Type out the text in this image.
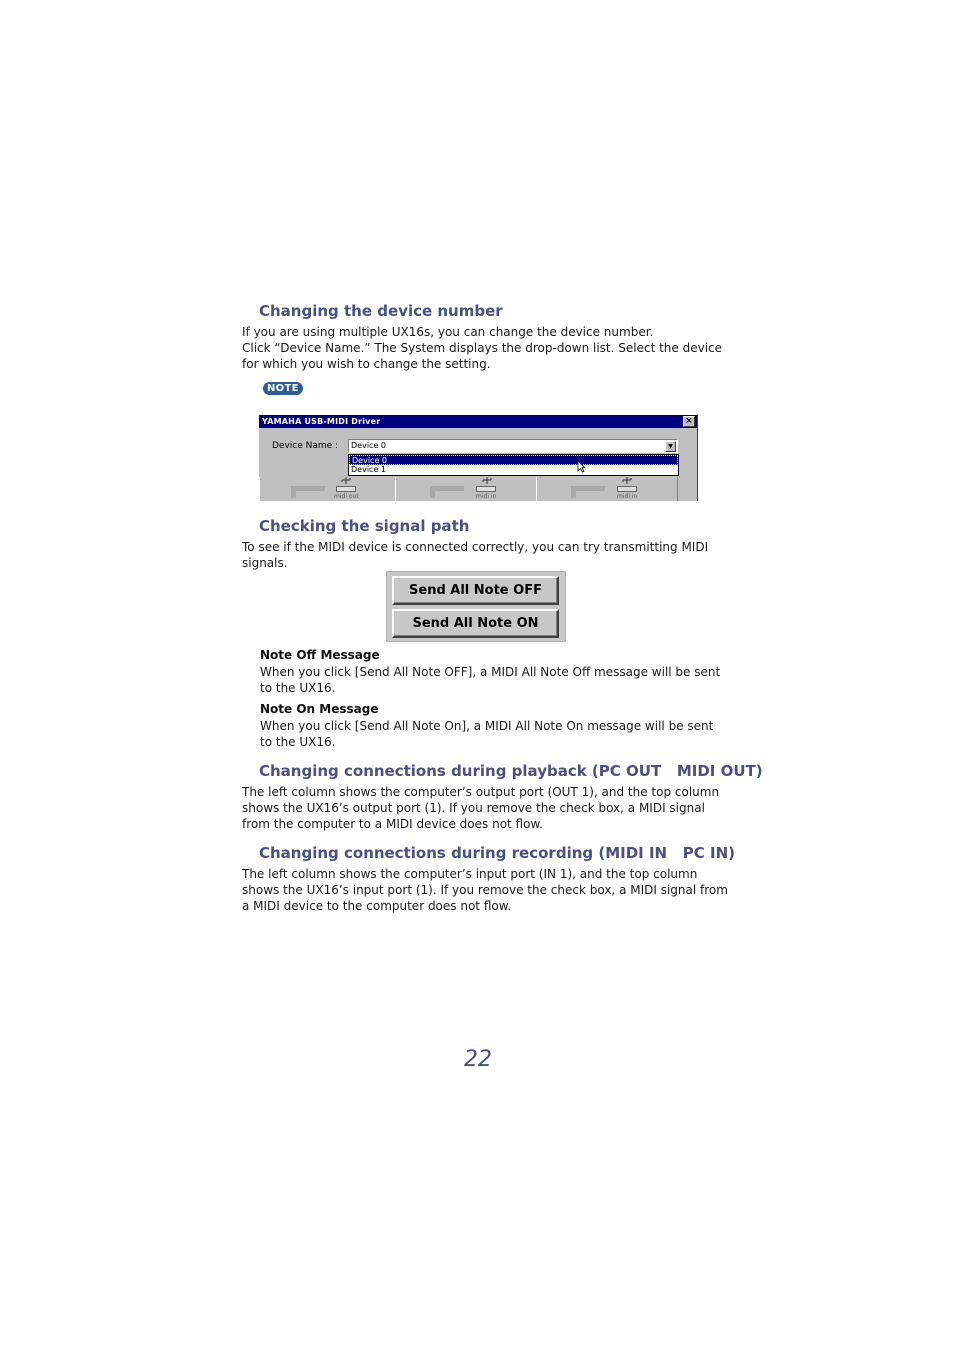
Changing the device number
If you are using multiple UX16s, you can change the device number.
Click “Device Name.” The System displays the drop-down list. Select the device
for which you wish to change the setting.
NOTE
YAMAHA USB-MIDI Driver	×
Device Name :	Device 0	▼
Device 0
Device 1
midi out	midi in	midi in
Checking the signal path
To see if the MIDI device is connected correctly, you can try transmitting MIDI
signals.
Send All Note OFF
Send All Note ON
Note Off Message
When you click [Send All Note OFF], a MIDI All Note Off message will be sent
to the UX16.
Note On Message
When you click [Send All Note On], a MIDI All Note On message will be sent
to the UX16.
Changing connections during playback (PC OUT   MIDI OUT)
The left column shows the computer’s output port (OUT 1), and the top column
shows the UX16’s output port (1). If you remove the check box, a MIDI signal
from the computer to a MIDI device does not flow.
Changing connections during recording (MIDI IN   PC IN)
The left column shows the computer’s input port (IN 1), and the top column
shows the UX16’s input port (1). If you remove the check box, a MIDI signal from
a MIDI device to the computer does not flow.
22
